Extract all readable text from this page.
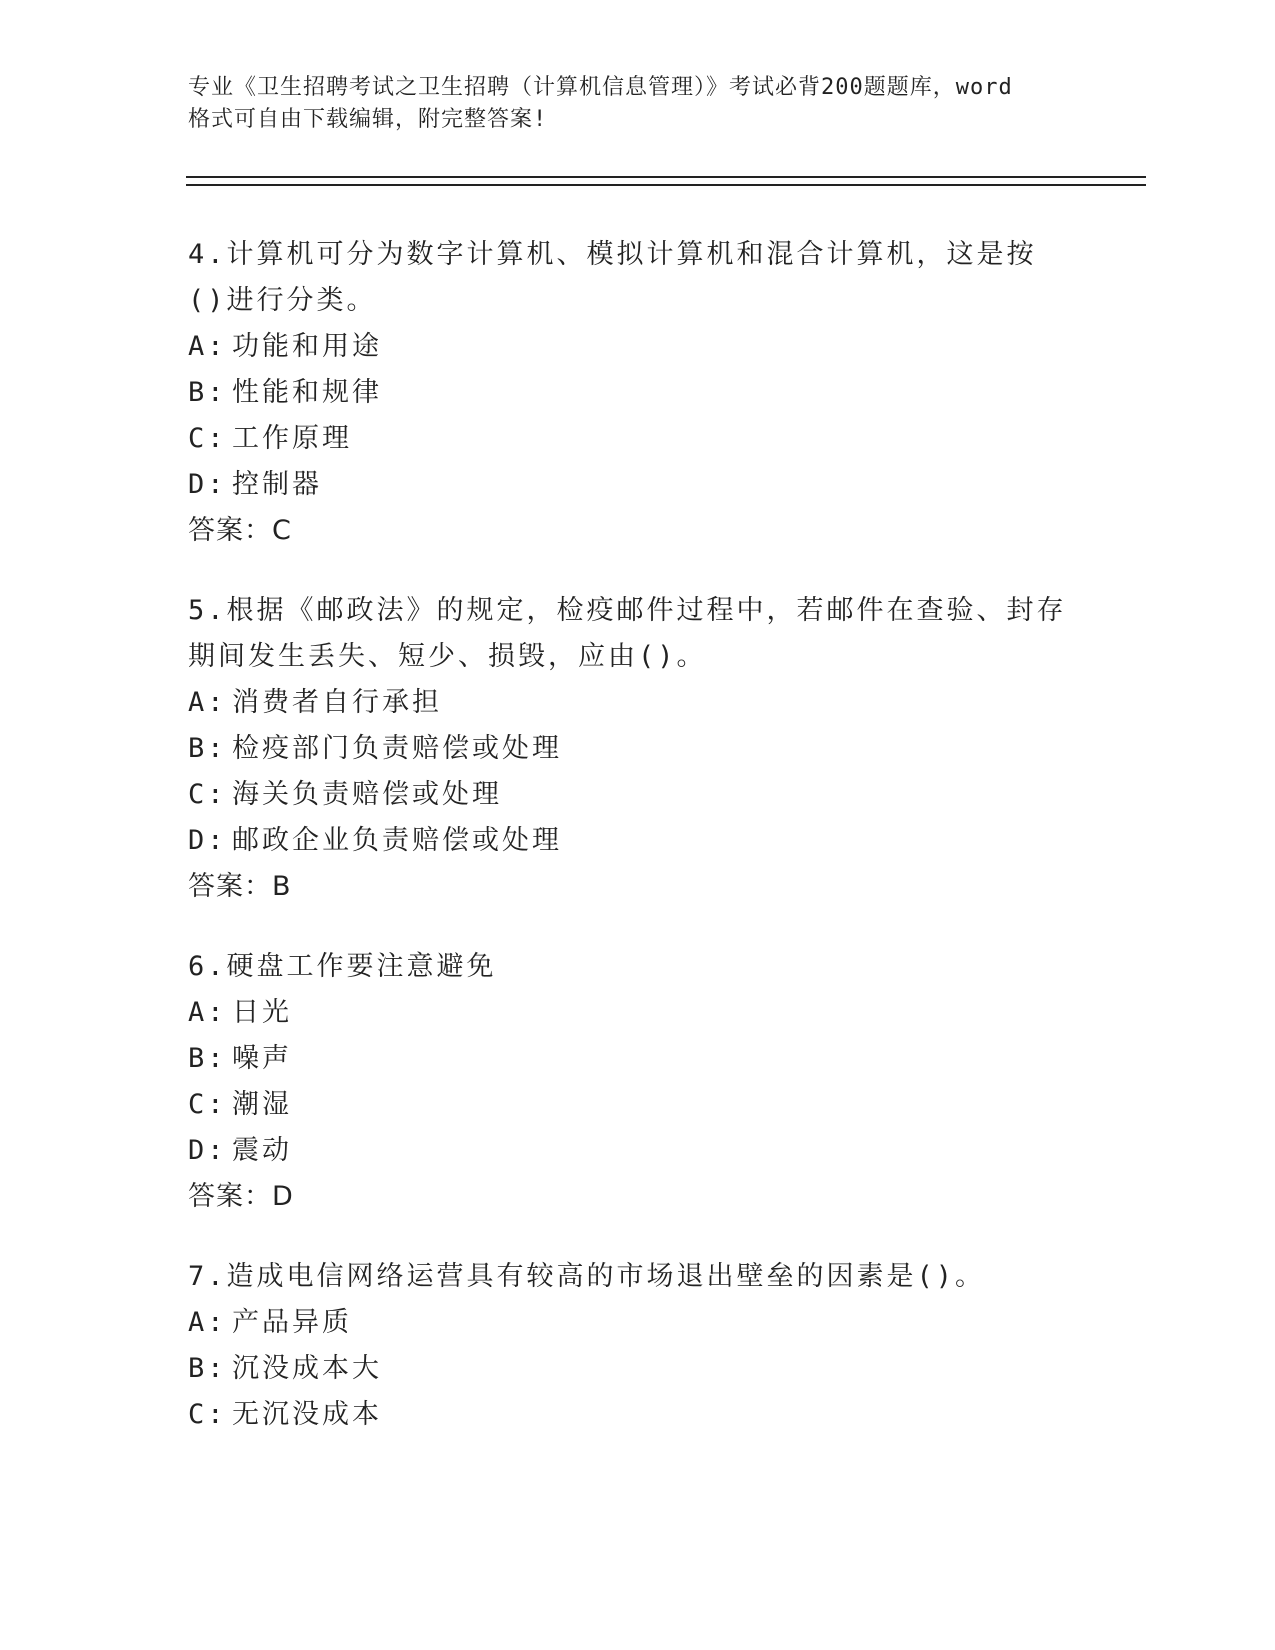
专业《卫生招聘考试之卫生招聘（计算机信息管理）》考试必背200题题库，word
格式可自由下载编辑，附完整答案!
4.计算机可分为数字计算机、模拟计算机和混合计算机，这是按()进行分类。
A: 功能和用途
B: 性能和规律
C: 工作原理
D: 控制器
答案：C
5.根据《邮政法》的规定，检疫邮件过程中，若邮件在查验、封存期间发生丢失、短少、损毁，应由()。
A: 消费者自行承担
B: 检疫部门负责赔偿或处理
C: 海关负责赔偿或处理
D: 邮政企业负责赔偿或处理
答案：B
6.硬盘工作要注意避免
A: 日光
B: 噪声
C: 潮湿
D: 震动
答案：D
7.造成电信网络运营具有较高的市场退出壁垒的因素是()。
A: 产品异质
B: 沉没成本大
C: 无沉没成本
